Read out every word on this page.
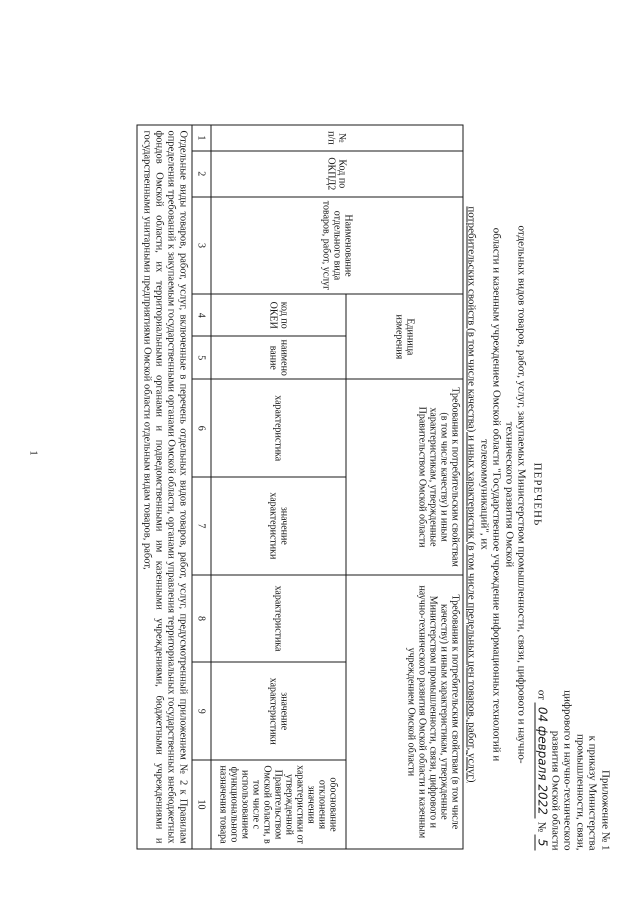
1
Приложение № 1
к приказу Министерства
промышленности, связи,
цифрового и научно-технического
развития Омской области
от 04 февраля 2022 № 5
ПЕРЕЧЕНЬ
отдельных видов товаров, работ, услуг, закупаемых Министерством промышленности, связи, цифрового и научно-технического развития Омской
области и казенным учреждением Омской области "Государственное учреждение информационных технологий и телекоммуникаций", их
потребительских свойств (в том числе качества) и иных характеристик (в том числе предельных цен товаров, работ, услуг)
№ п/п	Код по ОКПД2	Наименование отдельного вида товаров, работ, услуг	Единица измерения		Требования к потребительским свойствам (в том числе качеству) и иным характеристикам, утвержденные Правительством Омской области		Требования к потребительским свойствам (в том числе качеству) и иным характеристикам, утвержденные Министерством промышленности, связи, цифрового и научно-технического развития Омской области и казенным учреждением Омской области		
			код по ОКЕИ	наимено вание	характеристика	значение характеристики	характеристика	значение характеристики	обоснование отклонения значения характеристики от утвержденной Правительством Омской области, в том числе с использованием функционального назначения товара
1	2	3	4	5	6	7	8	9	10
Отдельные виды товаров, работ, услуг, включенные в перечень отдельных видов товаров, работ, услуг, предусмотренный приложением № 2 к Правилам определения требований к закупаемым государственными органами Омской области, органами управления территориальных государственных внебюджетных фондов Омской области, их территориальными органами и подведомственными им казенными учреждениями, бюджетными учреждениями и государственными унитарными предприятиями Омской области отдельным видам товаров, работ,									
